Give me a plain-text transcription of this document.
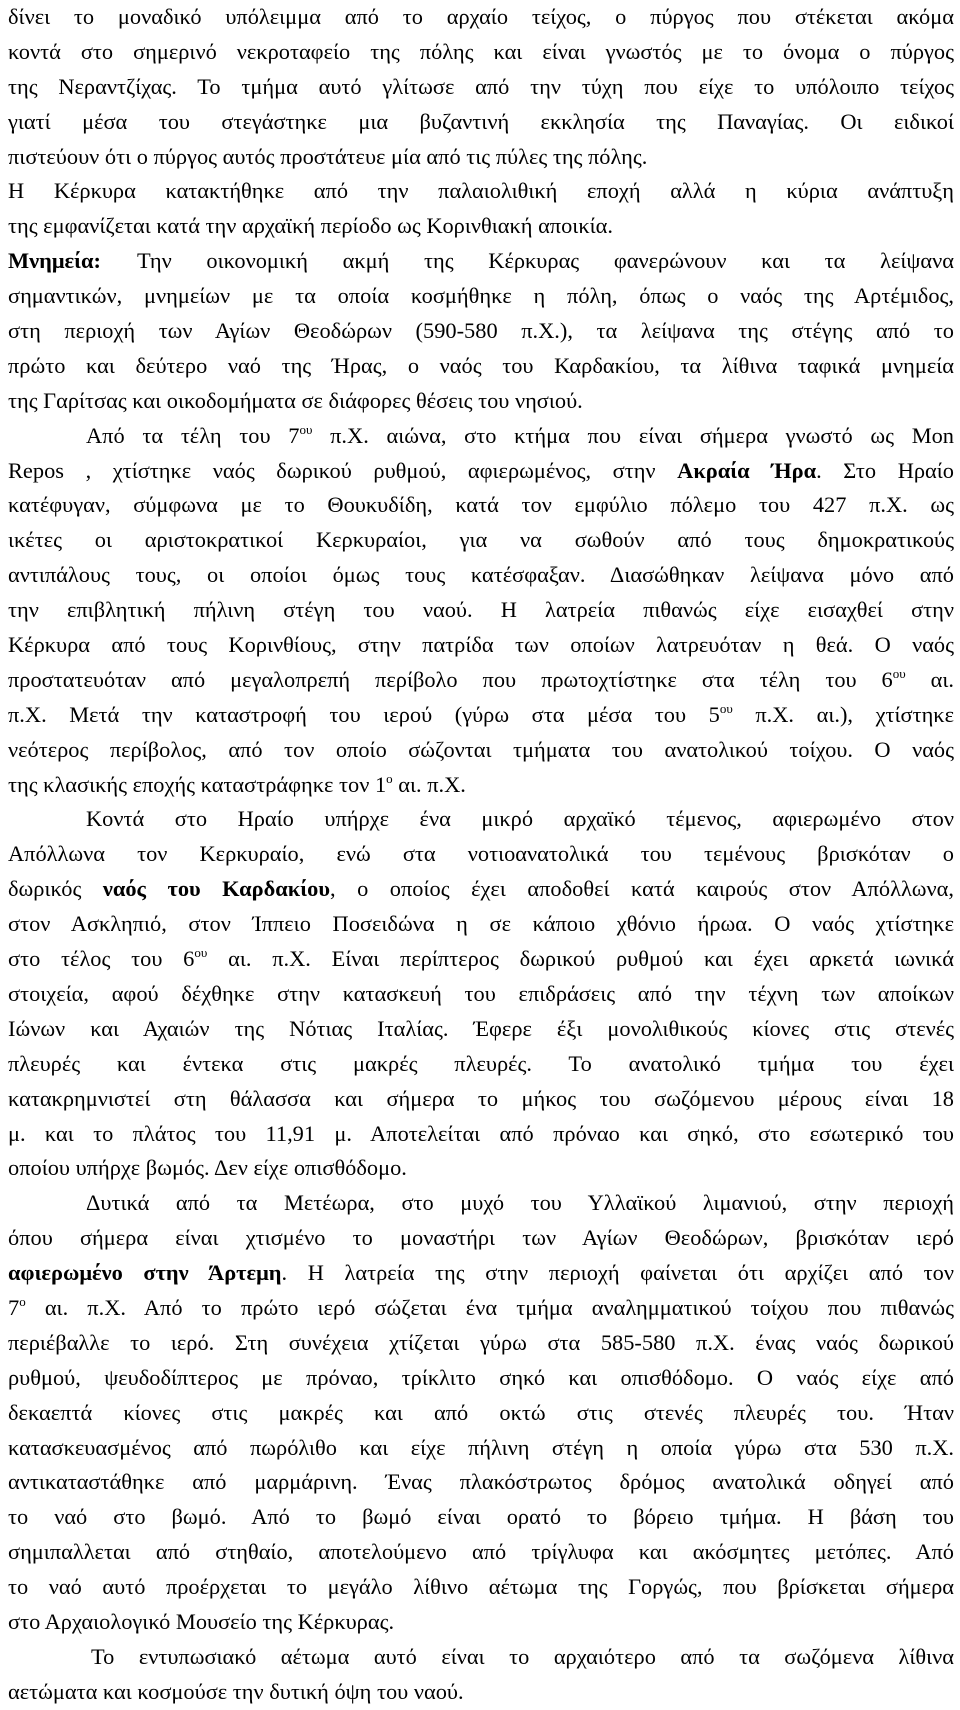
δίνει το μοναδικό υπόλειμμα από το αρχαίο τείχος, ο πύργος που στέκεται ακόμα
κοντά στο σημερινό νεκροταφείο της πόλης και είναι γνωστός με το όνομα ο πύργος
της Νεραντζίχας. Το τμήμα αυτό γλίτωσε από την τύχη που είχε το υπόλοιπο τείχος
γιατί μέσα του στεγάστηκε μια βυζαντινή εκκλησία της Παναγίας. Οι ειδικοί
πιστεύουν ότι ο πύργος αυτός προστάτευε μία από τις πύλες της πόλης.
Η Κέρκυρα κατακτήθηκε από την παλαιολιθική εποχή αλλά η κύρια ανάπτυξη
της εμφανίζεται κατά την αρχαϊκή περίοδο ως Κορινθιακή αποικία.
Μνημεία: Την οικονομική ακμή της Κέρκυρας φανερώνουν και τα λείψανα
σημαντικών, μνημείων με τα οποία κοσμήθηκε η πόλη, όπως ο ναός της Αρτέμιδος,
στη περιοχή των Αγίων Θεοδώρων (590-580 π.Χ.), τα λείψανα της στέγης από το
πρώτο και δεύτερο ναό της Ήρας, ο ναός του Καρδακίου, τα λίθινα ταφικά μνημεία
της Γαρίτσας και οικοδομήματα σε διάφορες θέσεις του νησιού.
Από τα τέλη του $7^{o\upsilon}$ π.Χ. αιώνα, στο κτήμα που είναι σήμερα γνωστό ως Mon
Repos , χτίστηκε ναός δωρικού ρυθμού, αφιερωμένος, στην Ακραία Ήρα. Στο Ηραίο
κατέφυγαν, σύμφωνα με το Θουκυδίδη, κατά τον εμφύλιο πόλεμο του 427 π.Χ. ως
ικέτες οι αριστοκρατικοί Κερκυραίοι, για να σωθούν από τους δημοκρατικούς
αντιπάλους τους, οι οποίοι όμως τους κατέσφαξαν. Διασώθηκαν λείψανα μόνο από
την επιβλητική πήλινη στέγη του ναού. Η λατρεία πιθανώς είχε εισαχθεί στην
Κέρκυρα από τους Κορινθίους, στην πατρίδα των οποίων λατρευόταν η θεά. Ο ναός
προστατευόταν από μεγαλοπρεπή περίβολο που πρωτοχτίστηκε στα τέλη του $6^{o\upsilon}$ αι.
π.Χ. Μετά την καταστροφή του ιερού (γύρω στα μέσα του $5^{o\upsilon}$ π.Χ. αι.), χτίστηκε
νεότερος περίβολος, από τον οποίο σώζονται τμήματα του ανατολικού τοίχου. Ο ναός
της κλασικής εποχής καταστράφηκε τον $1^o$ αι. π.Χ.
Κοντά στο Ηραίο υπήρχε ένα μικρό αρχαϊκό τέμενος, αφιερωμένο στον
Απόλλωνα τον Κερκυραίο, ενώ στα νοτιοανατολικά του τεμένους βρισκόταν ο
δωρικός ναός του Καρδακίου, ο οποίος έχει αποδοθεί κατά καιρούς στον Απόλλωνα,
στον Ασκληπιό, στον Ίππειο Ποσειδώνα η σε κάποιο χθόνιο ήρωα. Ο ναός χτίστηκε
στο τέλος του $6^{o\upsilon}$ αι. π.Χ. Είναι περίπτερος δωρικού ρυθμού και έχει αρκετά ιωνικά
στοιχεία, αφού δέχθηκε στην κατασκευή του επιδράσεις από την τέχνη των αποίκων
Ιώνων και Αχαιών της Νότιας Ιταλίας. Έφερε έξι μονολιθικούς κίονες στις στενές
πλευρές και έντεκα στις μακρές πλευρές. Το ανατολικό τμήμα του έχει
κατακρημνιστεί στη θάλασσα και σήμερα το μήκος του σωζόμενου μέρους είναι 18
μ. και το πλάτος του 11,91 μ. Αποτελείται από πρόναο και σηκό, στο εσωτερικό του
οποίου υπήρχε βωμός. Δεν είχε οπισθόδομο.
Δυτικά από τα Μετέωρα, στο μυχό του Υλλαϊκού λιμανιού, στην περιοχή
όπου σήμερα είναι χτισμένο το μοναστήρι των Αγίων Θεοδώρων, βρισκόταν ιερό
αφιερωμένο στην Άρτεμη. Η λατρεία της στην περιοχή φαίνεται ότι αρχίζει από τον
$7^o$ αι. π.Χ. Από το πρώτο ιερό σώζεται ένα τμήμα αναλημματικού τοίχου που πιθανώς
περιέβαλλε το ιερό. Στη συνέχεια χτίζεται γύρω στα 585-580 π.Χ. ένας ναός δωρικού
ρυθμού, ψευδοδίπτερος με πρόναο, τρίκλιτο σηκό και οπισθόδομο. Ο ναός είχε από
δεκαεπτά κίονες στις μακρές και από οκτώ στις στενές πλευρές του. Ήταν
κατασκευασμένος από πωρόλιθο και είχε πήλινη στέγη η οποία γύρω στα 530 π.Χ.
αντικαταστάθηκε από μαρμάρινη. Ένας πλακόστρωτος δρόμος ανατολικά οδηγεί από
το ναό στο βωμό. Από το βωμό είναι ορατό το βόρειο τμήμα. Η βάση του
σημιπαλλεται από στηθαίο, αποτελούμενο από τρίγλυφα και ακόσμητες μετόπες. Από
το ναό αυτό προέρχεται το μεγάλο λίθινο αέτωμα της Γοργώς, που βρίσκεται σήμερα
στο Αρχαιολογικό Μουσείο της Κέρκυρας.
Το εντυπωσιακό αέτωμα αυτό είναι το αρχαιότερο από τα σωζόμενα λίθινα
αετώματα και κοσμούσε την δυτική όψη του ναού.
